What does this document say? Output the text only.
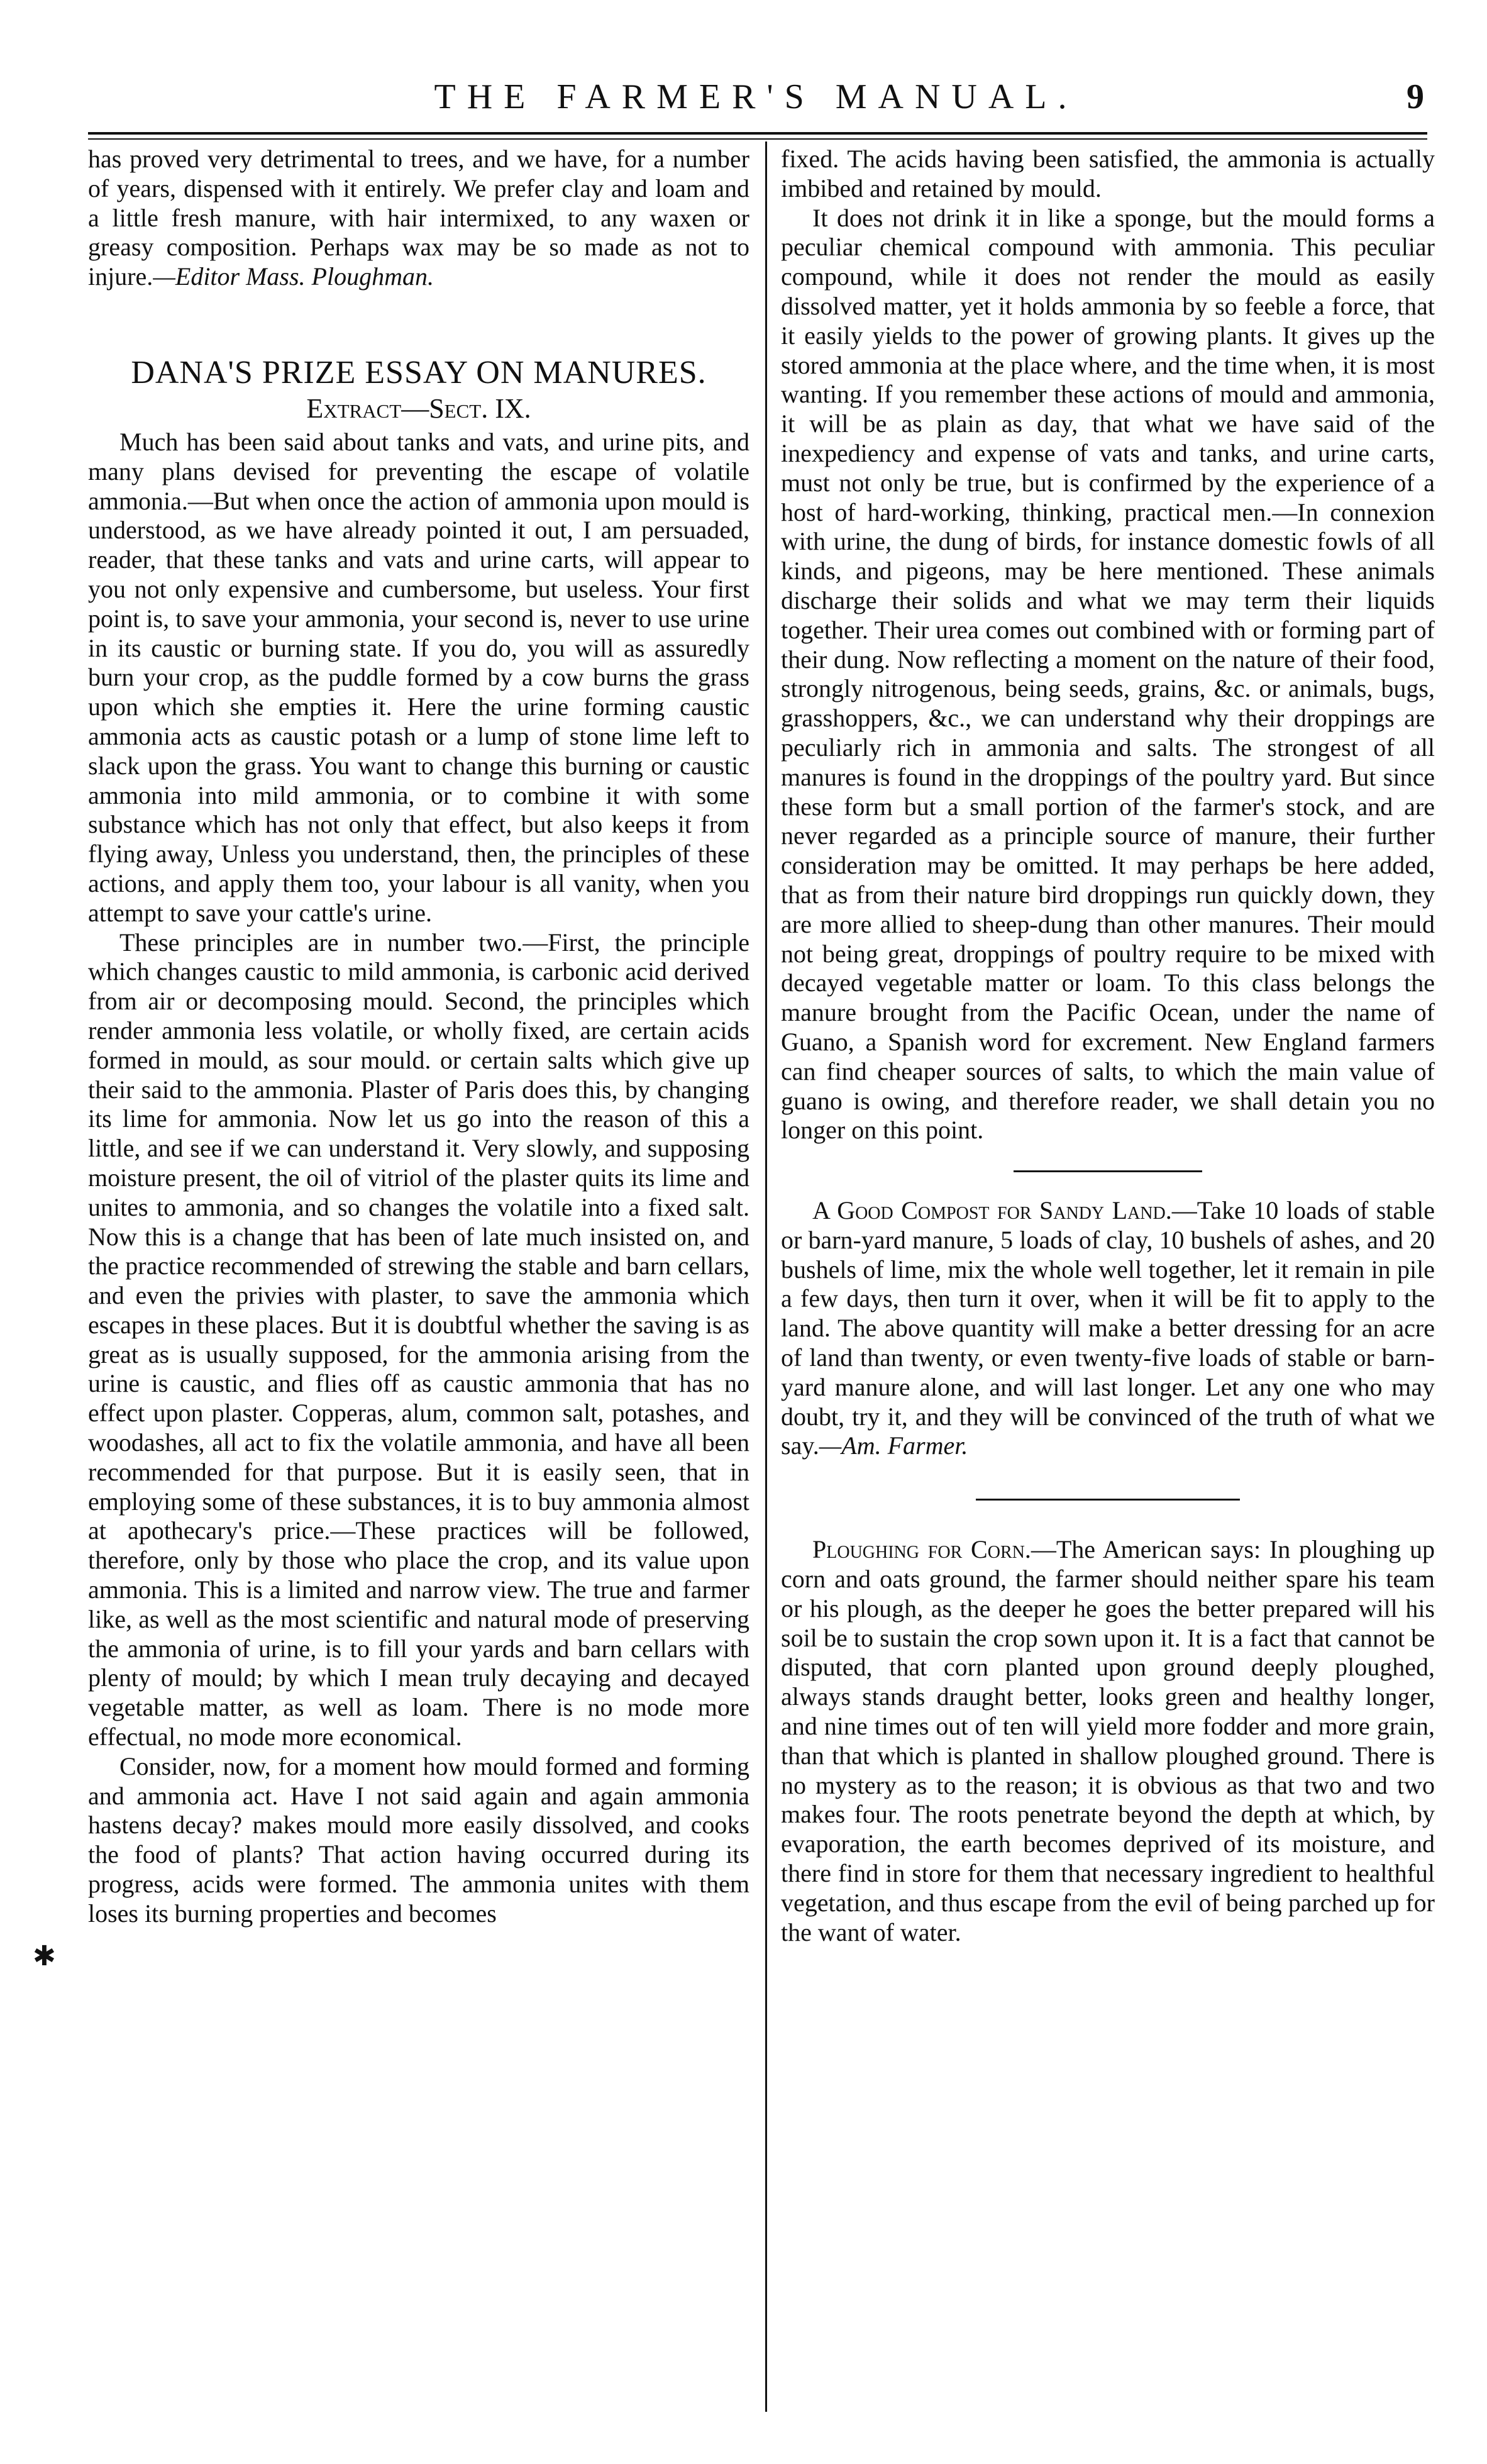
THE FARMER'S MANUAL.	9
✱

has proved very detrimental to trees, and we have, for a number of years, dispensed with it entirely. We prefer clay and loam and a little fresh manure, with hair intermixed, to any waxen or greasy composition. Perhaps wax may be so made as not to injure.—Editor Mass. Ploughman.

DANA'S PRIZE ESSAY ON MANURES.
Extract—Sect. IX.

Much has been said about tanks and vats, and urine pits, and many plans devised for preventing the escape of volatile ammonia.—But when once the action of ammonia upon mould is understood, as we have already pointed it out, I am persuaded, reader, that these tanks and vats and urine carts, will appear to you not only expensive and cumbersome, but useless. Your first point is, to save your ammonia, your second is, never to use urine in its caustic or burning state. If you do, you will as assuredly burn your crop, as the puddle formed by a cow burns the grass upon which she empties it. Here the urine forming caustic ammonia acts as caustic potash or a lump of stone lime left to slack upon the grass. You want to change this burning or caustic ammonia into mild ammonia, or to combine it with some substance which has not only that effect, but also keeps it from flying away, Unless you understand, then, the principles of these actions, and apply them too, your labour is all vanity, when you attempt to save your cattle's urine.

These principles are in number two.—First, the principle which changes caustic to mild ammonia, is carbonic acid derived from air or decomposing mould. Second, the principles which render ammonia less volatile, or wholly fixed, are certain acids formed in mould, as sour mould. or certain salts which give up their said to the ammonia. Plaster of Paris does this, by changing its lime for ammonia. Now let us go into the reason of this a little, and see if we can understand it. Very slowly, and supposing moisture present, the oil of vitriol of the plaster quits its lime and unites to ammonia, and so changes the volatile into a fixed salt. Now this is a change that has been of late much insisted on, and the practice recommended of strewing the stable and barn cellars, and even the privies with plaster, to save the ammonia which escapes in these places. But it is doubtful whether the saving is as great as is usually supposed, for the ammonia arising from the urine is caustic, and flies off as caustic ammonia that has no effect upon plaster. Copperas, alum, common salt, potashes, and woodashes, all act to fix the volatile ammonia, and have all been recommended for that purpose. But it is easily seen, that in employing some of these substances, it is to buy ammonia almost at apothecary's price.—These practices will be followed, therefore, only by those who place the crop, and its value upon ammonia. This is a limited and narrow view. The true and farmer like, as well as the most scientific and natural mode of preserving the ammonia of urine, is to fill your yards and barn cellars with plenty of mould; by which I mean truly decaying and decayed vegetable matter, as well as loam. There is no mode more effectual, no mode more economical.

Consider, now, for a moment how mould formed and forming and ammonia act. Have I not said again and again ammonia hastens decay? makes mould more easily dissolved, and cooks the food of plants? That action having occurred during its progress, acids were formed. The ammonia unites with them loses its burning properties and becomes

fixed. The acids having been satisfied, the ammonia is actually imbibed and retained by mould.

It does not drink it in like a sponge, but the mould forms a peculiar chemical compound with ammonia. This peculiar compound, while it does not render the mould as easily dissolved matter, yet it holds ammonia by so feeble a force, that it easily yields to the power of growing plants. It gives up the stored ammonia at the place where, and the time when, it is most wanting. If you remember these actions of mould and ammonia, it will be as plain as day, that what we have said of the inexpediency and expense of vats and tanks, and urine carts, must not only be true, but is confirmed by the experience of a host of hard-working, thinking, practical men.—In connexion with urine, the dung of birds, for instance domestic fowls of all kinds, and pigeons, may be here mentioned. These animals discharge their solids and what we may term their liquids together. Their urea comes out combined with or forming part of their dung. Now reflecting a moment on the nature of their food, strongly nitrogenous, being seeds, grains, &c. or animals, bugs, grasshoppers, &c., we can understand why their droppings are peculiarly rich in ammonia and salts. The strongest of all manures is found in the droppings of the poultry yard. But since these form but a small portion of the farmer's stock, and are never regarded as a principle source of manure, their further consideration may be omitted. It may perhaps be here added, that as from their nature bird droppings run quickly down, they are more allied to sheep-dung than other manures. Their mould not being great, droppings of poultry require to be mixed with decayed vegetable matter or loam. To this class belongs the manure brought from the Pacific Ocean, under the name of Guano, a Spanish word for excrement. New England farmers can find cheaper sources of salts, to which the main value of guano is owing, and therefore reader, we shall detain you no longer on this point.

A Good Compost for Sandy Land.—Take 10 loads of stable or barn-yard manure, 5 loads of clay, 10 bushels of ashes, and 20 bushels of lime, mix the whole well together, let it remain in pile a few days, then turn it over, when it will be fit to apply to the land. The above quantity will make a better dressing for an acre of land than twenty, or even twenty-five loads of stable or barn-yard manure alone, and will last longer. Let any one who may doubt, try it, and they will be convinced of the truth of what we say.—Am. Farmer.

Ploughing for Corn.—The American says: In ploughing up corn and oats ground, the farmer should neither spare his team or his plough, as the deeper he goes the better prepared will his soil be to sustain the crop sown upon it. It is a fact that cannot be disputed, that corn planted upon ground deeply ploughed, always stands draught better, looks green and healthy longer, and nine times out of ten will yield more fodder and more grain, than that which is planted in shallow ploughed ground. There is no mystery as to the reason; it is obvious as that two and two makes four. The roots penetrate beyond the depth at which, by evaporation, the earth becomes deprived of its moisture, and there find in store for them that necessary ingredient to healthful vegetation, and thus escape from the evil of being parched up for the want of water.
